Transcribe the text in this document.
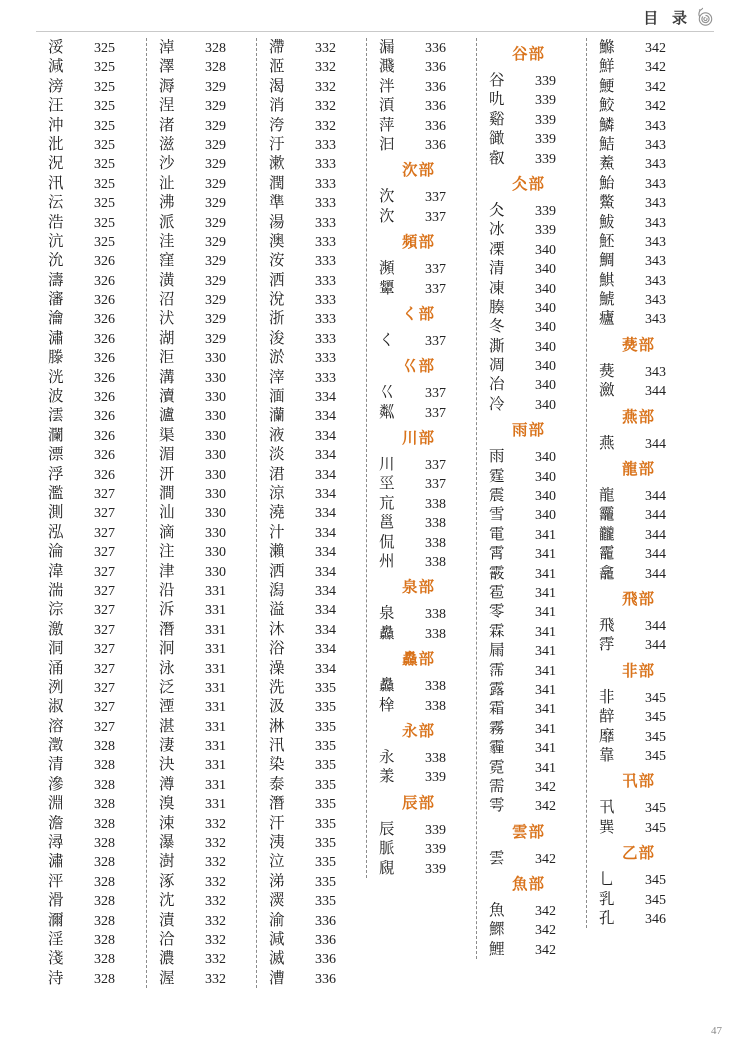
目 录
浽	325
減	325
滂	325
汪	325
沖	325
沘	325
況	325
汛	325
沄	325
浩	325
沆	325
沇	326
濤	326
瀋	326
瀹	326
潚	326
滕	326
洸	326
波	326
澐	326
瀾	326
漂	326
浮	326
濫	327
測	327
泓	327
淪	327
湋	327
湍	327
淙	327
激	327
洞	327
涌	327
洌	327
淑	327
溶	327
澂	328
清	328
滲	328
淵	328
澹	328
潯	328
潚	328
泙	328
滑	328
濔	328
淫	328
淺	328
洔	328
淖	328
澤	328
溽	329
涅	329
渚	329
滋	329
沙	329
沚	329
沸	329
派	329
洼	329
窪	329
潢	329
沼	329
汱	329
湖	329
洰	330
溝	330
瀆	330
瀘	330
渠	330
湄	330
汧	330
澗	330
汕	330
滴	330
注	330
津	330
沿	331
泝	331
潛	331
泂	331
泳	331
泛	331
湮	331
湛	331
淒	331
決	331
澊	331
溴	331
涑	332
瀑	332
澍	332
涿	332
沈	332
漬	332
洽	332
濃	332
渥	332
滯	332
洍	332
渴	332
消	332
洿	332
汙	333
漱	333
潤	333
準	333
湯	333
澳	333
洝	333
洒	333
涗	333
浙	333
浚	333
淤	333
滓	333
湎	334
灡	334
液	334
淡	334
涒	334
涼	334
澆	334
汁	334
瀨	334
洒	334
潟	334
溢	334
沐	334
浴	334
澡	334
洗	335
汲	335
淋	335
汛	335
染	335
泰	335
潛	335
汗	335
洟	335
泣	335
涕	335
㵤	335
渝	336
減	336
滅	336
漕	336
漏	336
濺	336
泮	336
湏	336
萍	336
汩	336
㳄部
㳄	337
㳄	337
頻部
瀕	337
顰	337
く部
く	337
巜部
巜	337
粼	337
川部
川	337
巠	337
巟	338
邕	338
侃	338
州	338
泉部
泉	338
灥	338
灥部
灥	338
㮆	338
永部
永	338
羕	339
辰部
辰	339
脈	339
覛	339
谷部
谷	339
㕤	339
谿	339
豃	339
㕡	339
仌部
仌	339
冰	339
凓	340
清	340
凍	340
腠	340
冬	340
澌	340
凋	340
冶	340
冷	340
雨部
雨	340
霆	340
震	340
雪	340
電	341
霄	341
霰	341
雹	341
零	341
霖	341
屚	341
霈	341
露	341
霜	341
霧	341
霾	341
霓	341
需	342
雩	342
雲部
雲	342
魚部
魚	342
鰥	342
鯉	342
鰷	342
鮮	342
鯁	342
鮫	342
鱗	343
鮚	343
鮺	343
鮐	343
鱉	343
鮁	343
魾	343
鯛	343
鯕	343
鯱	343
㿖	343
㷼部
㷼	343
瀲	344
燕部
燕	344
龍部
龍	344
龗	344
龖	344
靇	344
龕	344
飛部
飛	344
䨕	344
非部
非	345
辪	345
靡	345
靠	345
卂部
卂	345
巽	345
乙部
乚	345
乳	345
孔	346
47
